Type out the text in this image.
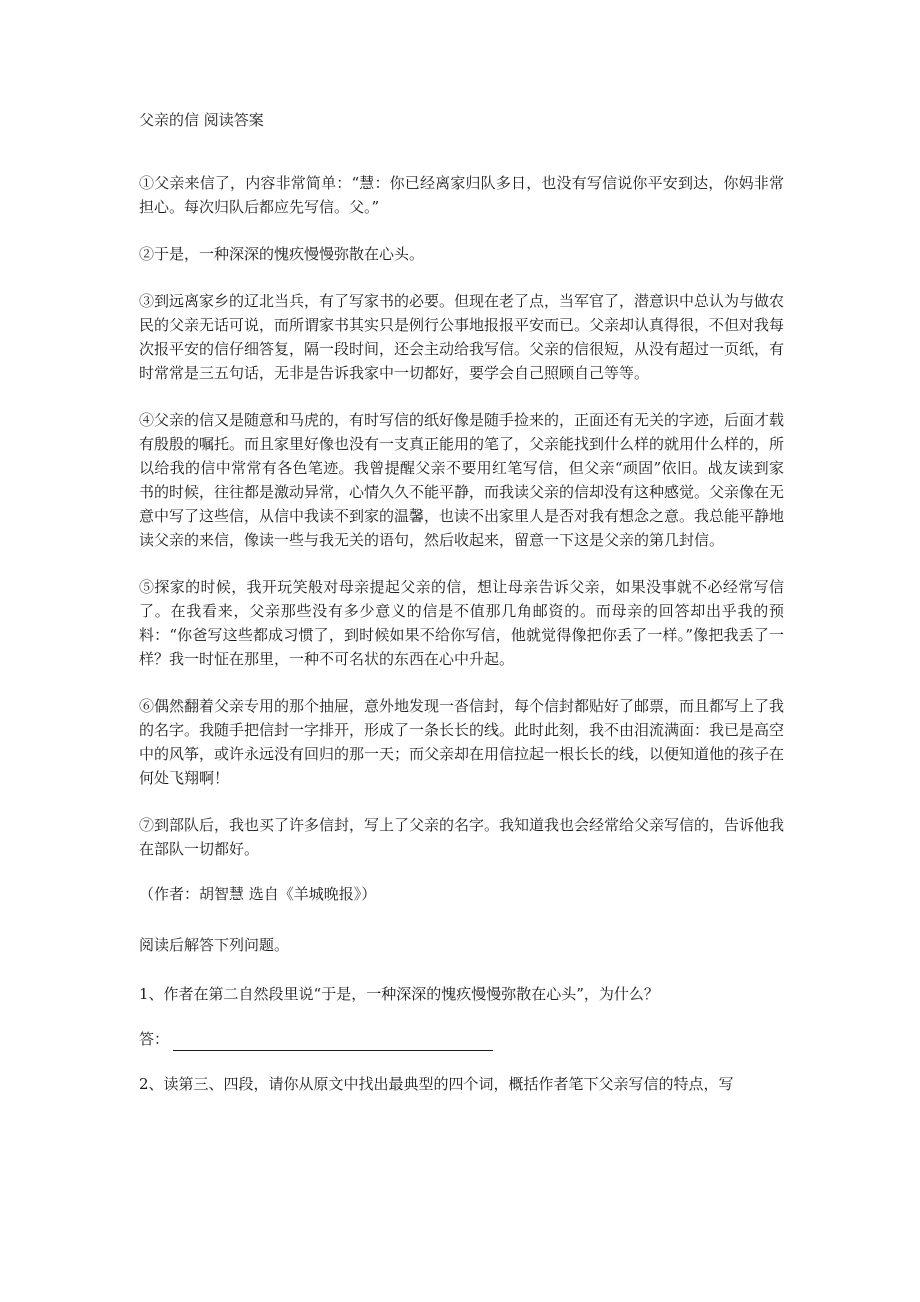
父亲的信 阅读答案

①父亲来信了，内容非常简单：“慧：你已经离家归队多日，也没有写信说你平安到达，你妈非常担心。每次归队后都应先写信。父。”

②于是，一种深深的愧疚慢慢弥散在心头。

③到远离家乡的辽北当兵，有了写家书的必要。但现在老了点，当军官了，潜意识中总认为与做农民的父亲无话可说，而所谓家书其实只是例行公事地报报平安而已。父亲却认真得很，不但对我每次报平安的信仔细答复，隔一段时间，还会主动给我写信。父亲的信很短，从没有超过一页纸，有时常常是三五句话，无非是告诉我家中一切都好，要学会自己照顾自己等等。

④父亲的信又是随意和马虎的，有时写信的纸好像是随手捡来的，正面还有无关的字迹，后面才载有殷殷的嘱托。而且家里好像也没有一支真正能用的笔了，父亲能找到什么样的就用什么样的，所以给我的信中常常有各色笔迹。我曾提醒父亲不要用红笔写信，但父亲“顽固”依旧。战友读到家书的时候，往往都是激动异常，心情久久不能平静，而我读父亲的信却没有这种感觉。父亲像在无意中写了这些信，从信中我读不到家的温馨，也读不出家里人是否对我有想念之意。我总能平静地读父亲的来信，像读一些与我无关的语句，然后收起来，留意一下这是父亲的第几封信。

⑤探家的时候，我开玩笑般对母亲提起父亲的信，想让母亲告诉父亲，如果没事就不必经常写信了。在我看来，父亲那些没有多少意义的信是不值那几角邮资的。而母亲的回答却出乎我的预料：“你爸写这些都成习惯了，到时候如果不给你写信，他就觉得像把你丢了一样。”像把我丢了一样？我一时怔在那里，一种不可名状的东西在心中升起。

⑥偶然翻着父亲专用的那个抽屉，意外地发现一沓信封，每个信封都贴好了邮票，而且都写上了我的名字。我随手把信封一字排开，形成了一条长长的线。此时此刻，我不由泪流满面：我已是高空中的风筝，或许永远没有回归的那一天；而父亲却在用信拉起一根长长的线，以便知道他的孩子在何处飞翔啊！

⑦到部队后，我也买了许多信封，写上了父亲的名字。我知道我也会经常给父亲写信的，告诉他我在部队一切都好。

（作者：胡智慧 选自《羊城晚报》）
阅读后解答下列问题。
1、作者在第二自然段里说“于是，一种深深的愧疚慢慢弥散在心头”，为什么？
答：
2、读第三、四段，请你从原文中找出最典型的四个词，概括作者笔下父亲写信的特点，写
